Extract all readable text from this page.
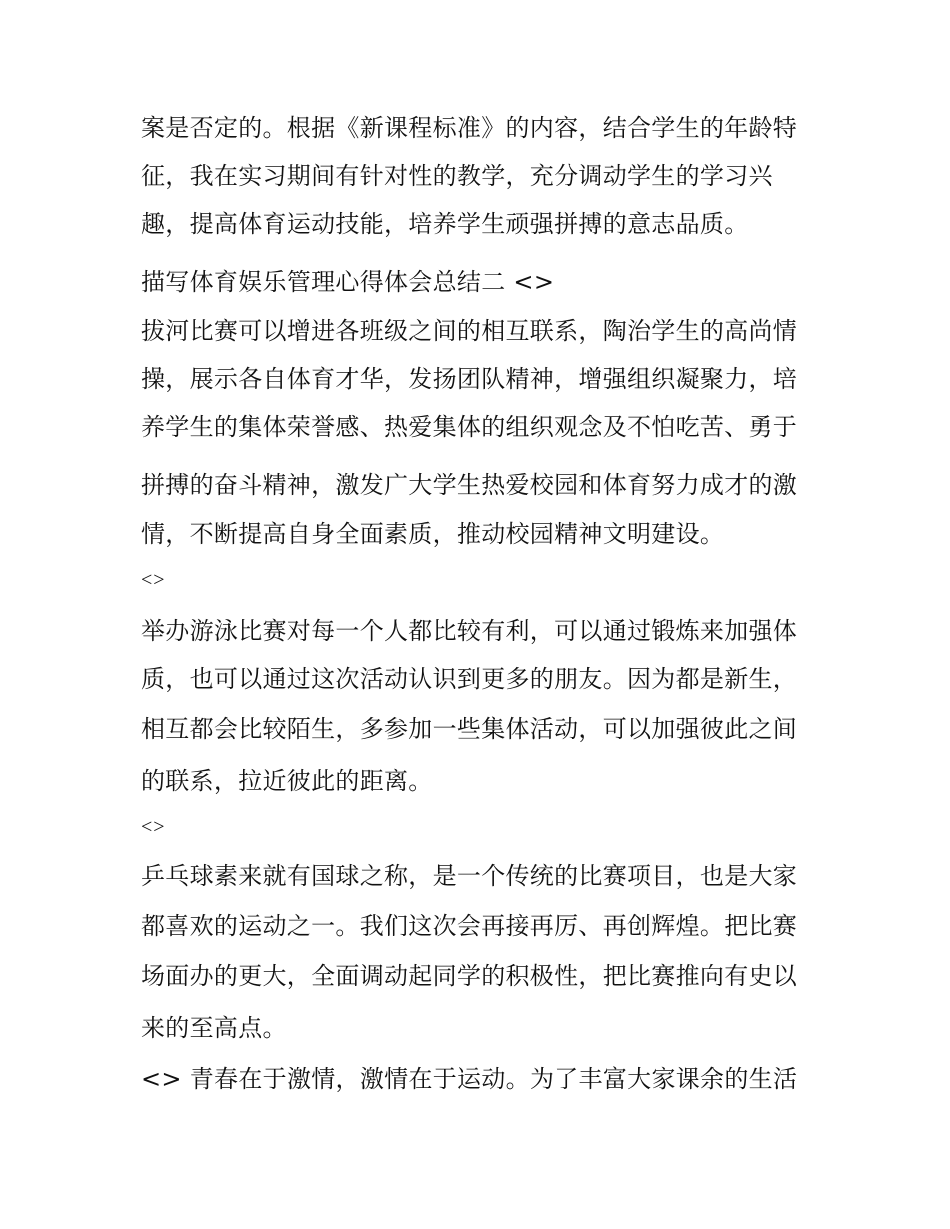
案是否定的。根据《新课程标准》的内容，结合学生的年龄特

征，我在实习期间有针对性的教学，充分调动学生的学习兴

趣，提高体育运动技能，培养学生顽强拼搏的意志品质。

描写体育娱乐管理心得体会总结二 <>

拔河比赛可以增进各班级之间的相互联系，陶治学生的高尚情

操，展示各自体育才华，发扬团队精神，增强组织凝聚力，培

养学生的集体荣誉感、热爱集体的组织观念及不怕吃苦、勇于

拼搏的奋斗精神，激发广大学生热爱校园和体育努力成才的激

情，不断提高自身全面素质，推动校园精神文明建设。

<>

举办游泳比赛对每一个人都比较有利，可以通过锻炼来加强体

质，也可以通过这次活动认识到更多的朋友。因为都是新生，

相互都会比较陌生，多参加一些集体活动，可以加强彼此之间

的联系，拉近彼此的距离。

<>

乒乓球素来就有国球之称，是一个传统的比赛项目，也是大家

都喜欢的运动之一。我们这次会再接再厉、再创辉煌。把比赛

场面办的更大，全面调动起同学的积极性，把比赛推向有史以

来的至高点。

<> 青春在于激情，激情在于运动。为了丰富大家课余的生活
